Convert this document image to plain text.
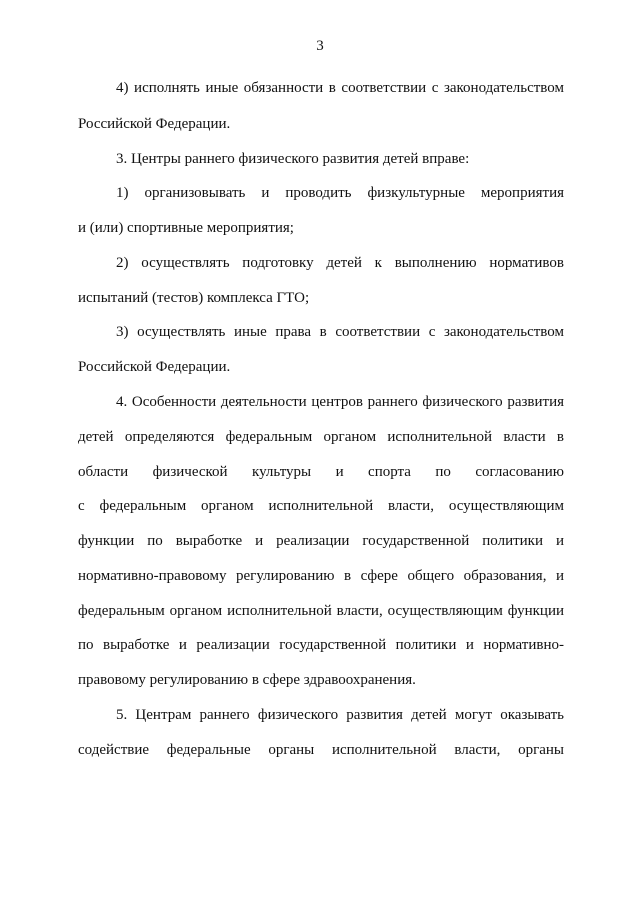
3
4) исполнять иные обязанности в соответствии с законодательством
Российской Федерации.
3. Центры раннего физического развития детей вправе:
1) организовывать и проводить физкультурные мероприятия
и (или) спортивные мероприятия;
2) осуществлять подготовку детей к выполнению нормативов
испытаний (тестов) комплекса ГТО;
3) осуществлять иные права в соответствии с законодательством
Российской Федерации.
4. Особенности деятельности центров раннего физического развития
детей определяются федеральным органом исполнительной власти в
области физической культуры и спорта по согласованию
с федеральным органом исполнительной власти, осуществляющим
функции по выработке и реализации государственной политики и
нормативно-правовому регулированию в сфере общего образования, и
федеральным органом исполнительной власти, осуществляющим функции
по выработке и реализации государственной политики и нормативно-
правовому регулированию в сфере здравоохранения.
5. Центрам раннего физического развития детей могут оказывать
содействие федеральные органы исполнительной власти, органы
